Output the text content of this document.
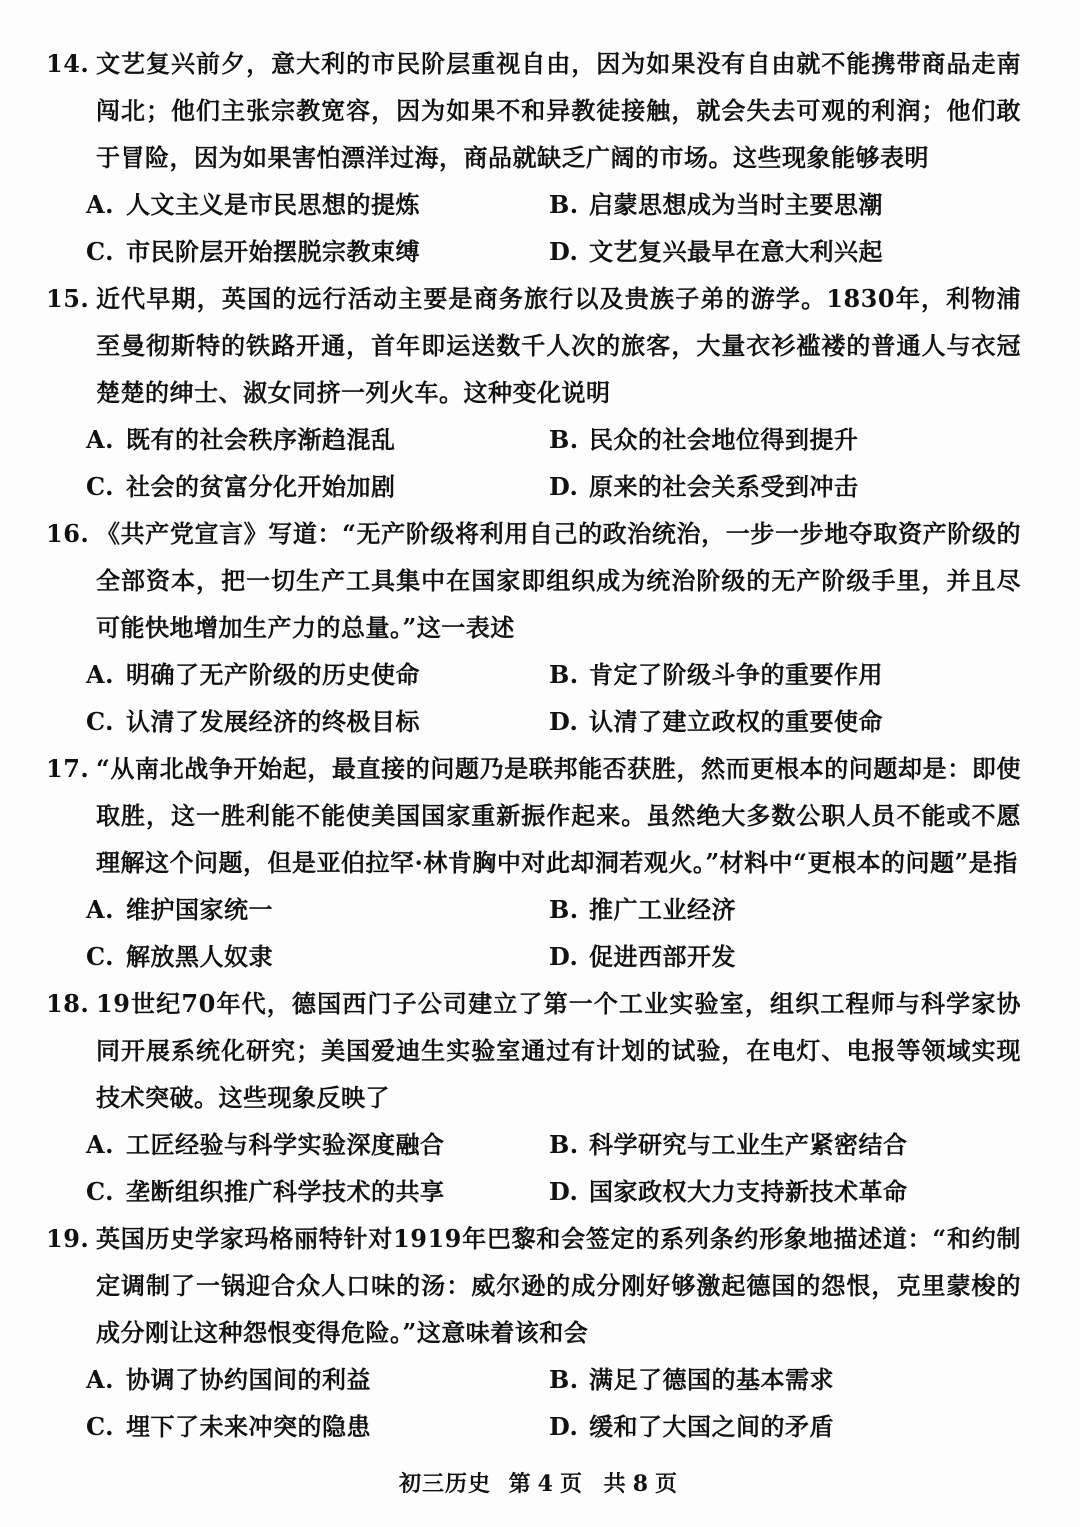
14. 文艺复兴前夕，意大利的市民阶层重视自由，因为如果没有自由就不能携带商品走南闯北；他们主张宗教宽容，因为如果不和异教徒接触，就会失去可观的利润；他们敢于冒险，因为如果害怕漂洋过海，商品就缺乏广阔的市场。这些现象能够表明
A. 人文主义是市民思想的提炼	B. 启蒙思想成为当时主要思潮
C. 市民阶层开始摆脱宗教束缚	D. 文艺复兴最早在意大利兴起
15. 近代早期，英国的远行活动主要是商务旅行以及贵族子弟的游学。1830年，利物浦至曼彻斯特的铁路开通，首年即运送数千人次的旅客，大量衣衫褴褛的普通人与衣冠楚楚的绅士、淑女同挤一列火车。这种变化说明
A. 既有的社会秩序渐趋混乱	B. 民众的社会地位得到提升
C. 社会的贫富分化开始加剧	D. 原来的社会关系受到冲击
16. 《共产党宣言》写道：“无产阶级将利用自己的政治统治，一步一步地夺取资产阶级的全部资本，把一切生产工具集中在国家即组织成为统治阶级的无产阶级手里，并且尽可能快地增加生产力的总量。”这一表述
A. 明确了无产阶级的历史使命	B. 肯定了阶级斗争的重要作用
C. 认清了发展经济的终极目标	D. 认清了建立政权的重要使命
17. “从南北战争开始起，最直接的问题乃是联邦能否获胜，然而更根本的问题却是：即使取胜，这一胜利能不能使美国国家重新振作起来。虽然绝大多数公职人员不能或不愿理解这个问题，但是亚伯拉罕·林肯胸中对此却洞若观火。”材料中“更根本的问题”是指
A. 维护国家统一	B. 推广工业经济
C. 解放黑人奴隶	D. 促进西部开发
18. 19世纪70年代，德国西门子公司建立了第一个工业实验室，组织工程师与科学家协同开展系统化研究；美国爱迪生实验室通过有计划的试验，在电灯、电报等领域实现技术突破。这些现象反映了
A. 工匠经验与科学实验深度融合	B. 科学研究与工业生产紧密结合
C. 垄断组织推广科学技术的共享	D. 国家政权大力支持新技术革命
19. 英国历史学家玛格丽特针对1919年巴黎和会签定的系列条约形象地描述道：“和约制定调制了一锅迎合众人口味的汤：威尔逊的成分刚好够激起德国的怨恨，克里蒙梭的成分刚让这种怨恨变得危险。”这意味着该和会
A. 协调了协约国间的利益	B. 满足了德国的基本需求
C. 埋下了未来冲突的隐患	D. 缓和了大国之间的矛盾
初三历史 第 4 页 共 8 页
